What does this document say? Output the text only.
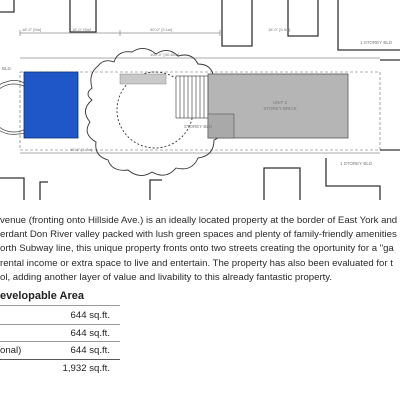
18'-0" [5m]	18'-0" [5m]	30'-0" [9.1m]	18'-0" [5.5m]
100'-0" [30.48m]
15'-6" [4.7m]
UNIT 2
STOREY BRICK
STOREY BLD
1 STOREY BLD
1 STOREY BLD
BLD.

venue (fronting onto Hillside Ave.) is an ideally located property at the border of East York and
erdant Don River valley packed with lush green spaces and plenty of family-friendly amenities
orth Subway line, this unique property fronts onto two streets creating the oportunity for a "ga
rental income or extra space to live and entertain. The property has also been evaluated for t
ol, adding another layer of value and livability to this already fantastic property.

evelopable Area
644 sq.ft.
644 sq.ft.
onal)	644 sq.ft.
1,932 sq.ft.
